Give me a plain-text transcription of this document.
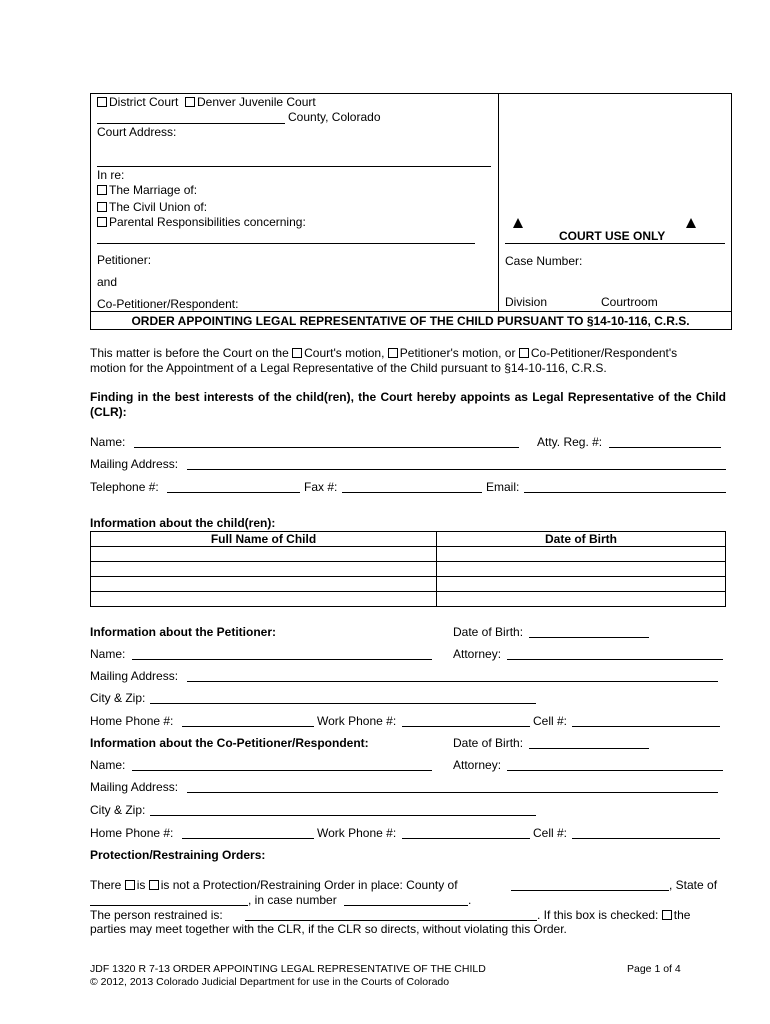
District Court Denver Juvenile Court
County, Colorado
Court Address:
In re:
The Marriage of:
The Civil Union of:
Parental Responsibilities concerning:
Petitioner:
and
Co-Petitioner/Respondent:
COURT USE ONLY
Case Number:
Division	Courtroom
ORDER APPOINTING LEGAL REPRESENTATIVE OF THE CHILD PURSUANT TO §14-10-116, C.R.S.
This matter is before the Court on the Court's motion, Petitioner's motion, or Co-Petitioner/Respondent's
motion for the Appointment of a Legal Representative of the Child pursuant to §14-10-116, C.R.S.
Finding in the best interests of the child(ren), the Court hereby appoints as Legal Representative of the Child (CLR):
Name:	Atty. Reg. #:
Mailing Address:
Telephone #:	Fax #:	Email:
Information about the child(ren):
Full Name of Child	Date of Birth

Information about the Petitioner:	Date of Birth:
Name:	Attorney:
Mailing Address:
City & Zip:
Home Phone #:	Work Phone #:	Cell #:
Information about the Co-Petitioner/Respondent:	Date of Birth:
Name:	Attorney:
Mailing Address:
City & Zip:
Home Phone #:	Work Phone #:	Cell #:
Protection/Restraining Orders:
There is is not a Protection/Restraining Order in place: County of	, State of
, in case number	.
The person restrained is:	. If this box is checked: the
parties may meet together with the CLR, if the CLR so directs, without violating this Order.
JDF 1320 R 7-13 ORDER APPOINTING LEGAL REPRESENTATIVE OF THE CHILD	Page 1 of 4
© 2012, 2013 Colorado Judicial Department for use in the Courts of Colorado
